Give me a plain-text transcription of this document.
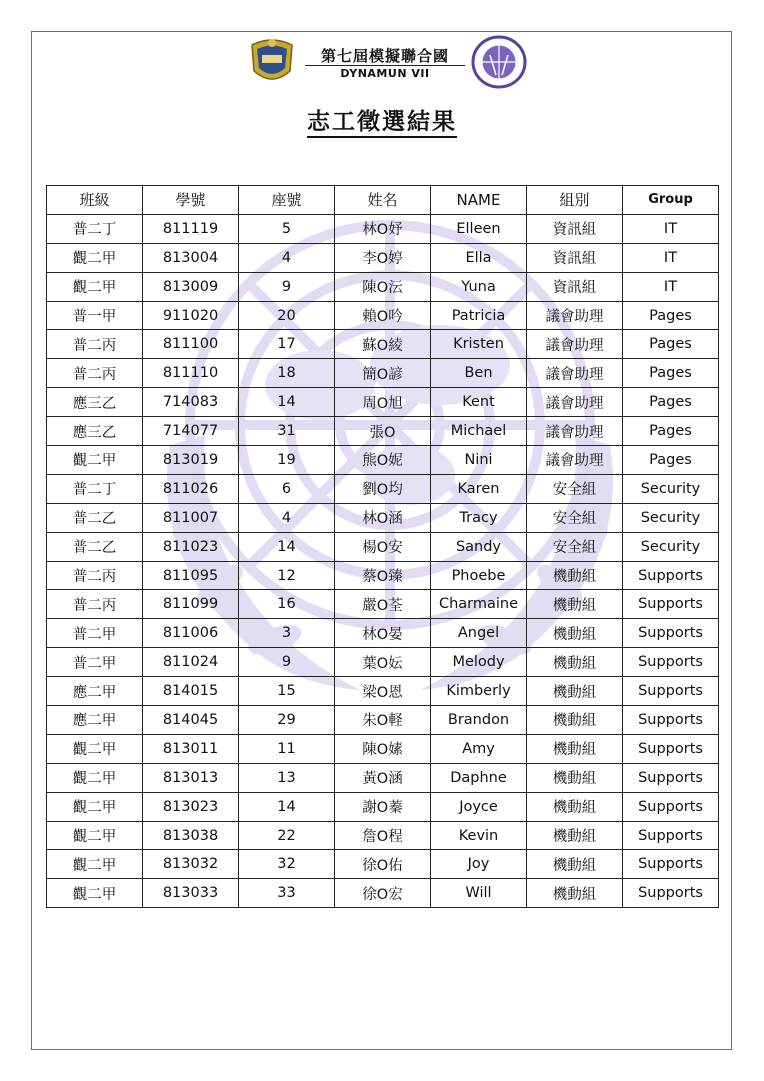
第七屆模擬聯合國
DYNAMUN VII
志工徵選結果
班級	學號	座號	姓名	NAME	組別	Group
普二丁	811119	5	林O妤	Elleen	資訊組	IT
觀二甲	813004	4	李O婷	Ella	資訊組	IT
觀二甲	813009	9	陳O沄	Yuna	資訊組	IT
普一甲	911020	20	賴O吟	Patricia	議會助理	Pages
普二丙	811100	17	蘇O綾	Kristen	議會助理	Pages
普二丙	811110	18	簡O諺	Ben	議會助理	Pages
應三乙	714083	14	周O旭	Kent	議會助理	Pages
應三乙	714077	31	張O	Michael	議會助理	Pages
觀二甲	813019	19	熊O妮	Nini	議會助理	Pages
普二丁	811026	6	劉O均	Karen	安全組	Security
普二乙	811007	4	林O涵	Tracy	安全組	Security
普二乙	811023	14	楊O安	Sandy	安全組	Security
普二丙	811095	12	蔡O臻	Phoebe	機動組	Supports
普二丙	811099	16	嚴O荃	Charmaine	機動組	Supports
普二甲	811006	3	林O晏	Angel	機動組	Supports
普二甲	811024	9	葉O妘	Melody	機動組	Supports
應二甲	814015	15	梁O恩	Kimberly	機動組	Supports
應二甲	814045	29	朱O軽	Brandon	機動組	Supports
觀二甲	813011	11	陳O嫊	Amy	機動組	Supports
觀二甲	813013	13	黃O涵	Daphne	機動組	Supports
觀二甲	813023	14	謝O蓁	Joyce	機動組	Supports
觀二甲	813038	22	詹O程	Kevin	機動組	Supports
觀二甲	813032	32	徐O佑	Joy	機動組	Supports
觀二甲	813033	33	徐O宏	Will	機動組	Supports
